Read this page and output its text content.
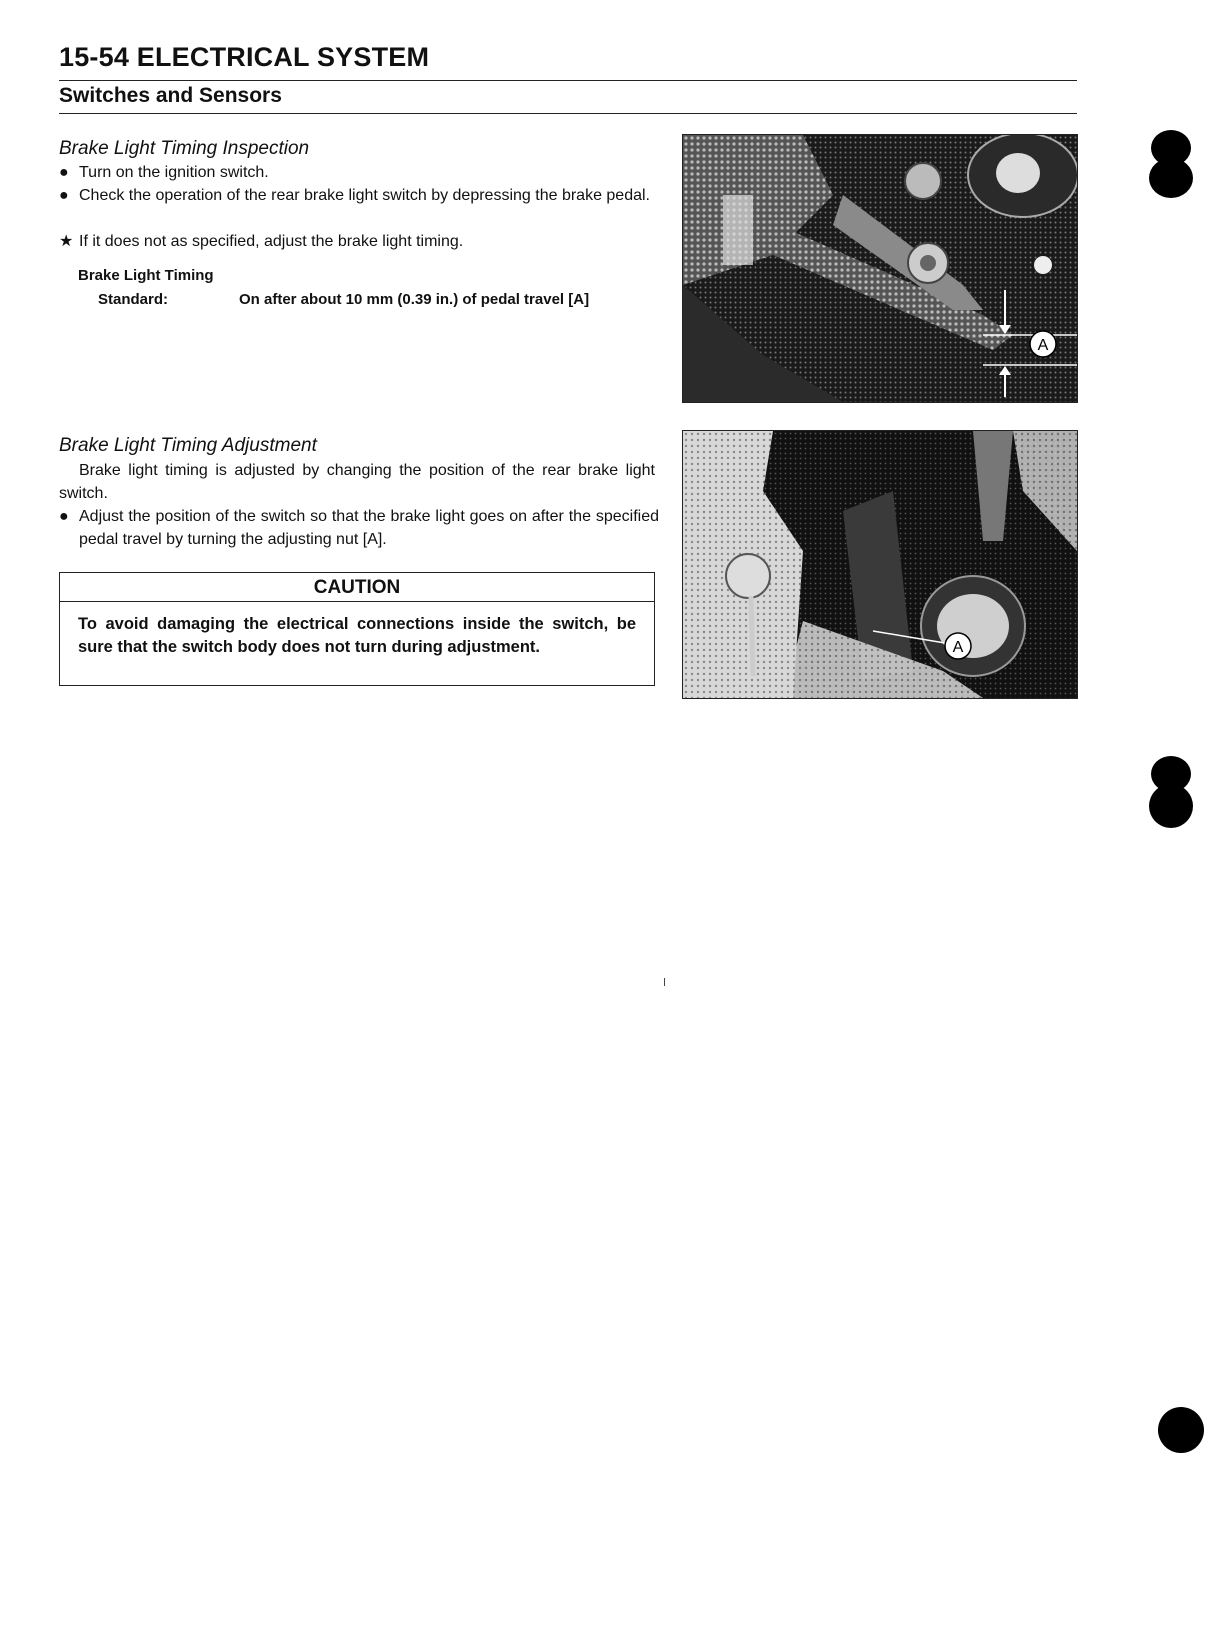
15-54 ELECTRICAL SYSTEM
Switches and Sensors
Brake Light Timing Inspection
● Turn on the ignition switch.
● Check the operation of the rear brake light switch by depressing the brake pedal.
★ If it does not as specified, adjust the brake light timing.
Brake Light Timing
Standard:	On after about 10 mm (0.39 in.) of pedal travel [A]
A
Brake Light Timing Adjustment
Brake light timing is adjusted by changing the position of the rear brake light switch.
● Adjust the position of the switch so that the brake light goes on after the specified pedal travel by turning the adjusting nut [A].
CAUTION
To avoid damaging the electrical connections inside the switch, be sure that the switch body does not turn during adjustment.	A
